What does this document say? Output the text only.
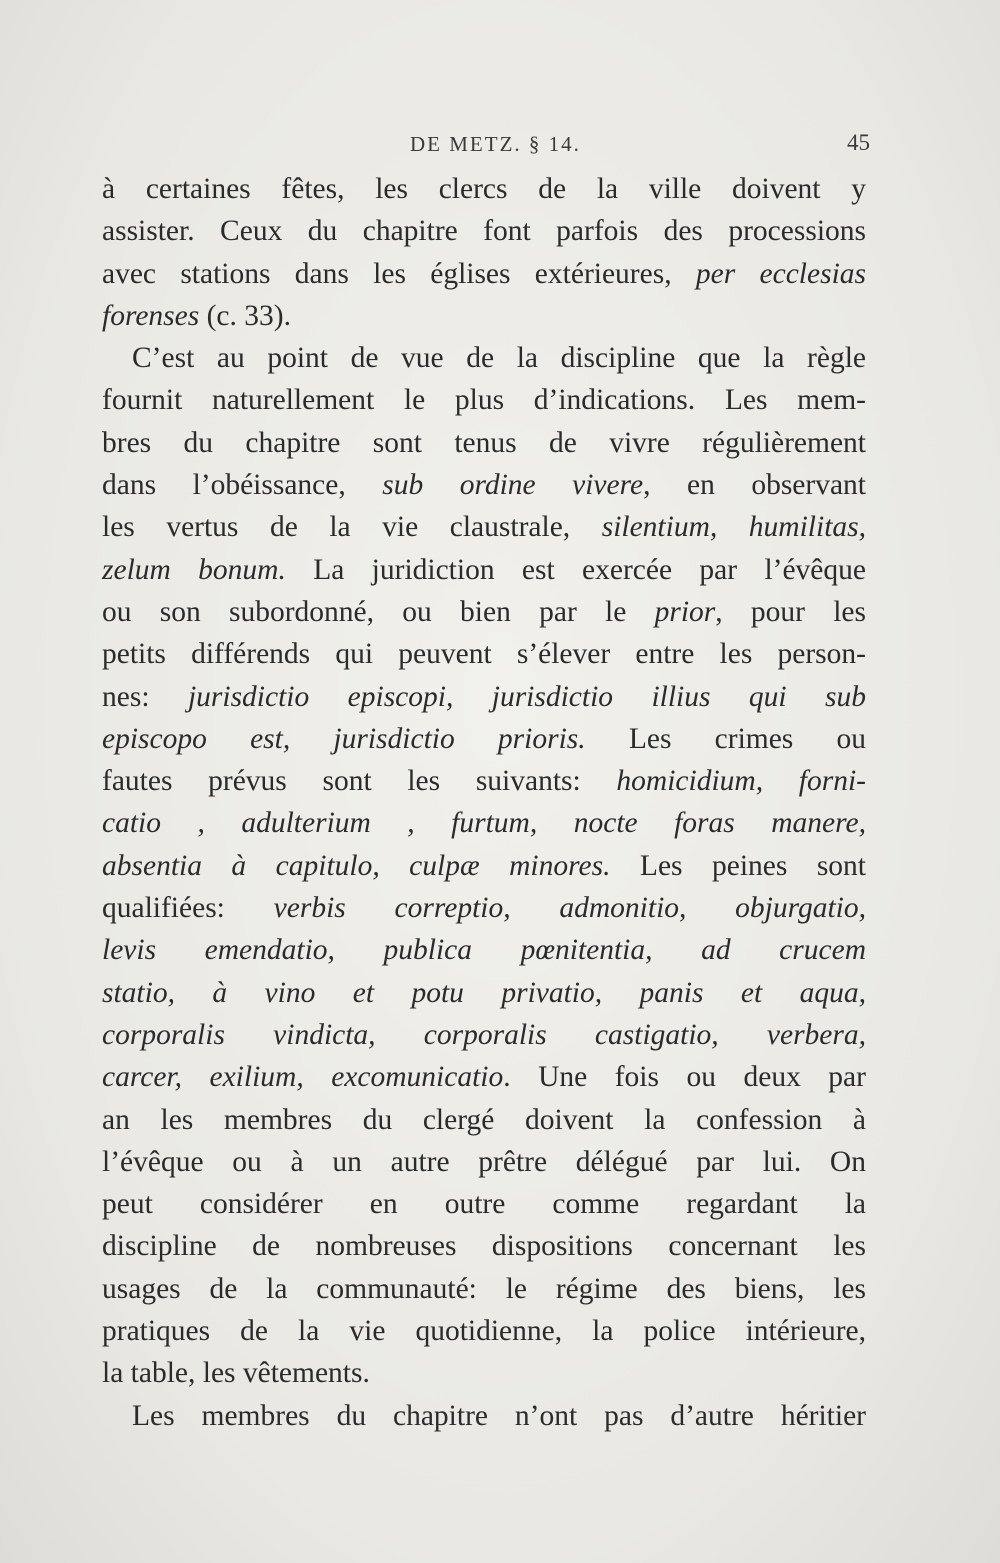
DE METZ. § 14.	45
à certaines fêtes, les clercs de la ville doivent y
assister. Ceux du chapitre font parfois des processions
avec stations dans les églises extérieures, per ecclesias
forenses (c. 33).
C’est au point de vue de la discipline que la règle
fournit naturellement le plus d’indications. Les mem-
bres du chapitre sont tenus de vivre régulièrement
dans l’obéissance, sub ordine vivere, en observant
les vertus de la vie claustrale, silentium, humilitas,
zelum bonum. La juridiction est exercée par l’évêque
ou son subordonné, ou bien par le prior, pour les
petits différends qui peuvent s’élever entre les person-
nes: jurisdictio episcopi, jurisdictio illius qui sub
episcopo est, jurisdictio prioris. Les crimes ou
fautes prévus sont les suivants: homicidium, forni-
catio , adulterium , furtum, nocte foras manere,
absentia à capitulo, culpæ minores. Les peines sont
qualifiées: verbis correptio, admonitio, objurgatio,
levis emendatio, publica pœnitentia, ad crucem
statio, à vino et potu privatio, panis et aqua,
corporalis vindicta, corporalis castigatio, verbera,
carcer, exilium, excomunicatio. Une fois ou deux par
an les membres du clergé doivent la confession à
l’évêque ou à un autre prêtre délégué par lui. On
peut considérer en outre comme regardant la
discipline de nombreuses dispositions concernant les
usages de la communauté: le régime des biens, les
pratiques de la vie quotidienne, la police intérieure,
la table, les vêtements.
Les membres du chapitre n’ont pas d’autre héritier
